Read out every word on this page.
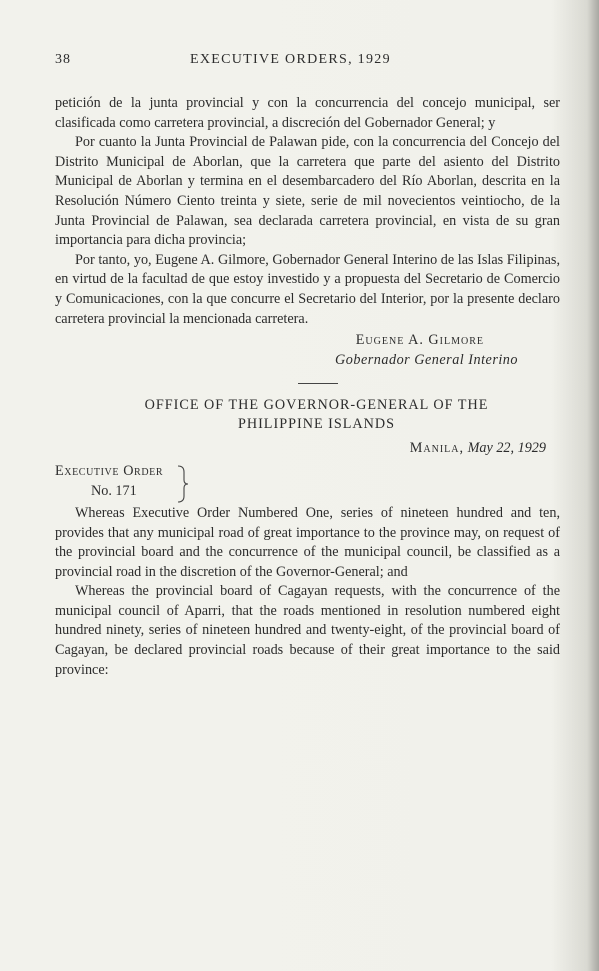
38	EXECUTIVE ORDERS, 1929

petición de la junta provincial y con la concurrencia del concejo municipal, ser clasificada como carretera provincial, a discreción del Gobernador General; y

Por cuanto la Junta Provincial de Palawan pide, con la concurrencia del Concejo del Distrito Municipal de Aborlan, que la carretera que parte del asiento del Distrito Municipal de Aborlan y termina en el desembarcadero del Río Aborlan, descrita en la Resolución Número Ciento treinta y siete, serie de mil novecientos veintiocho, de la Junta Provincial de Palawan, sea declarada carretera provincial, en vista de su gran importancia para dicha provincia;

Por tanto, yo, Eugene A. Gilmore, Gobernador General Interino de las Islas Filipinas, en virtud de la facultad de que estoy investido y a propuesta del Secretario de Comercio y Comunicaciones, con la que concurre el Secretario del Interior, por la presente declaro carretera provincial la mencionada carretera.

Eugene A. Gilmore
Gobernador General Interino
OFFICE OF THE GOVERNOR-GENERAL OF THE
PHILIPPINE ISLANDS
Manila, May 22, 1929
Executive Order
No. 171

Whereas Executive Order Numbered One, series of nineteen hundred and ten, provides that any municipal road of great importance to the province may, on request of the provincial board and the concurrence of the municipal council, be classified as a provincial road in the discretion of the Governor-General; and

Whereas the provincial board of Cagayan requests, with the concurrence of the municipal council of Aparri, that the roads mentioned in resolution numbered eight hundred ninety, series of nineteen hundred and twenty-eight, of the provincial board of Cagayan, be declared provincial roads because of their great importance to the said province:
